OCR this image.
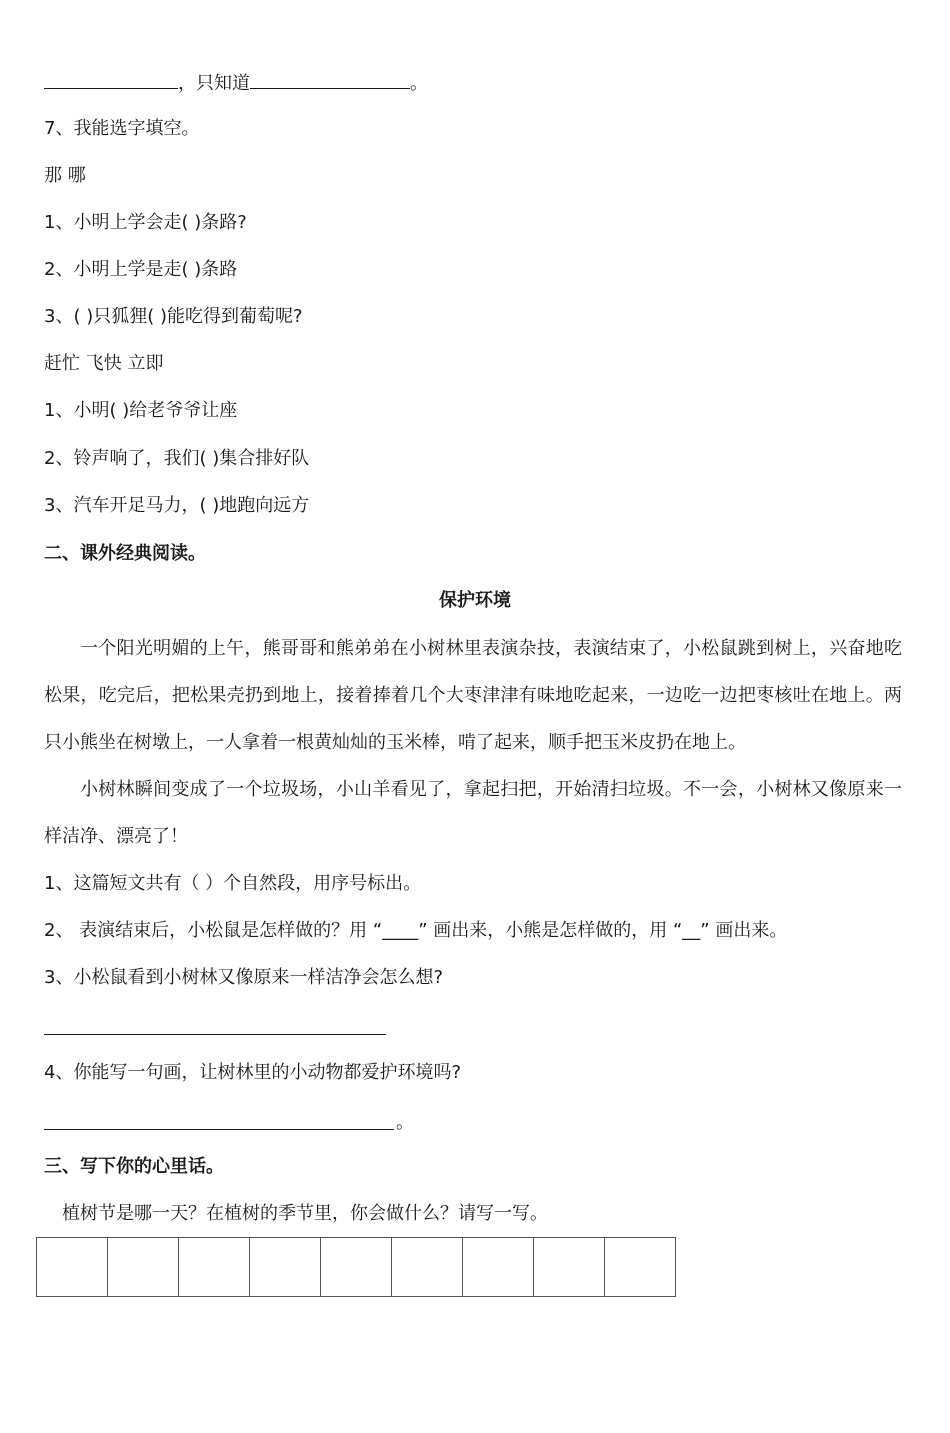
，只知道	。
7、我能选字填空。
那 哪
1、小明上学会走( )条路?
2、小明上学是走( )条路
3、( )只狐狸( )能吃得到葡萄呢?
赶忙 飞快 立即
1、小明( )给老爷爷让座
2、铃声响了，我们( )集合排好队
3、汽车开足马力，( )地跑向远方
二、课外经典阅读。
保护环境
一个阳光明媚的上午，熊哥哥和熊弟弟在小树林里表演杂技，表演结束了，小松鼠跳到树上，兴奋地吃松果，吃完后，把松果壳扔到地上，接着捧着几个大枣津津有味地吃起来，一边吃一边把枣核吐在地上。两只小熊坐在树墩上，一人拿着一根黄灿灿的玉米棒，啃了起来，顺手把玉米皮扔在地上。
小树林瞬间变成了一个垃圾场，小山羊看见了，拿起扫把，开始清扫垃圾。不一会，小树林又像原来一样洁净、漂亮了！
1、这篇短文共有（ ）个自然段，用序号标出。
2、 表演结束后，小松鼠是怎样做的？用 “____” 画出来，小熊是怎样做的，用 “__” 画出来。
3、小松鼠看到小树林又像原来一样洁净会怎么想?
4、你能写一句画，让树林里的小动物都爱护环境吗?
。
三、写下你的心里话。
植树节是哪一天？在植树的季节里，你会做什么？请写一写。
